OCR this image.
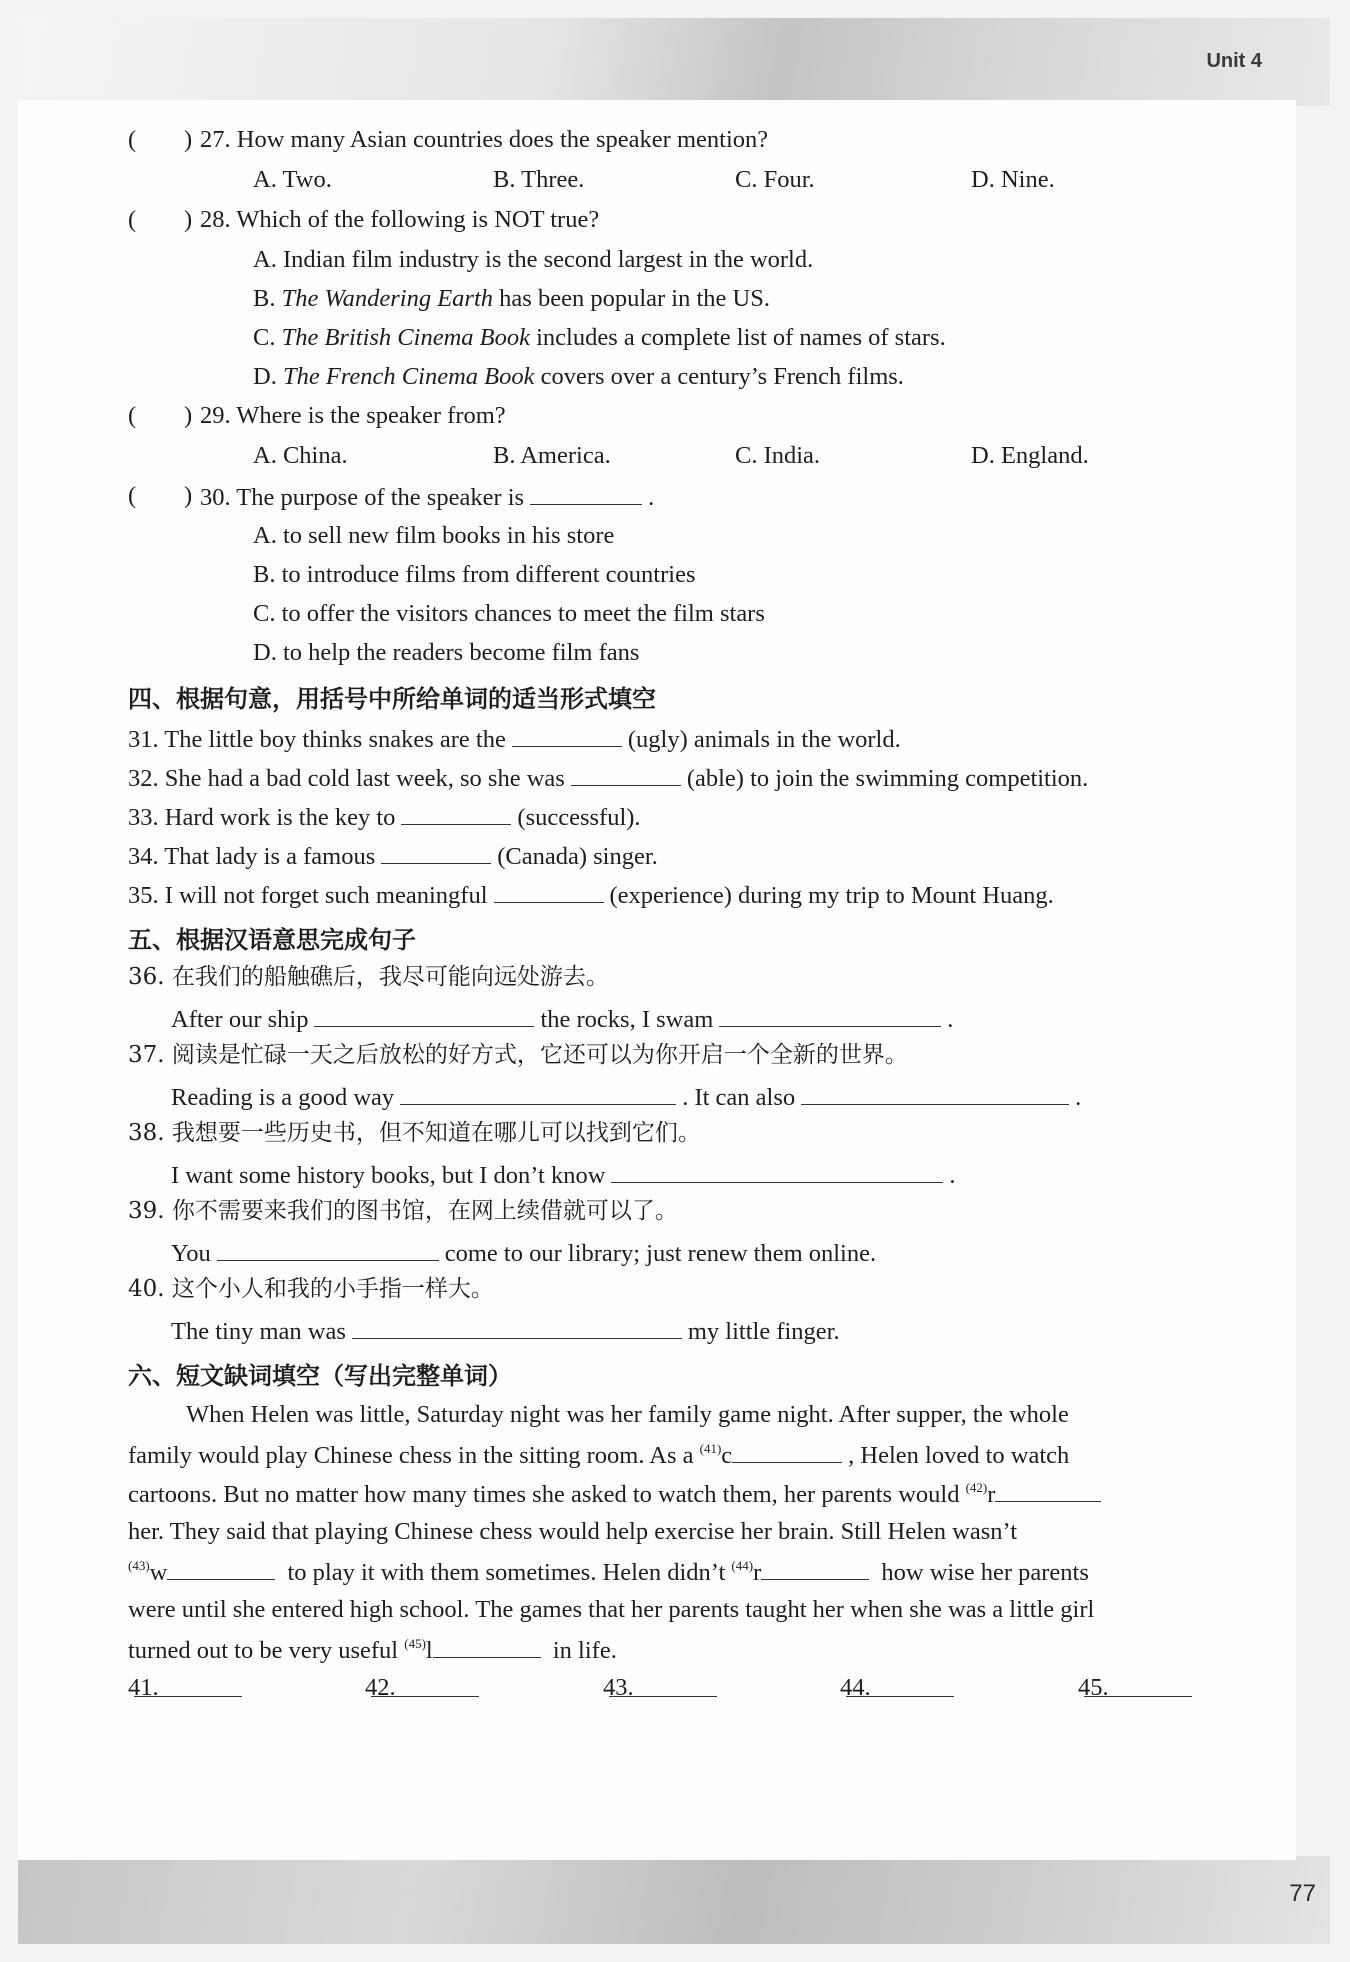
Unit 4
77
( ) 27. How many Asian countries does the speaker mention?
A. Two.	B. Three.	C. Four.	D. Nine.
( ) 28. Which of the following is NOT true?
A. Indian film industry is the second largest in the world.
B. The Wandering Earth has been popular in the US.
C. The British Cinema Book includes a complete list of names of stars.
D. The French Cinema Book covers over a century’s French films.
( ) 29. Where is the speaker from?
A. China.	B. America.	C. India.	D. England.
( ) 30. The purpose of the speaker is	.
A. to sell new film books in his store
B. to introduce films from different countries
C. to offer the visitors chances to meet the film stars
D. to help the readers become film fans
四、根据句意，用括号中所给单词的适当形式填空
31. The little boy thinks snakes are the	(ugly) animals in the world.
32. She had a bad cold last week, so she was	(able) to join the swimming competition.
33. Hard work is the key to	(successful).
34. That lady is a famous	(Canada) singer.
35. I will not forget such meaningful	(experience) during my trip to Mount Huang.
五、根据汉语意思完成句子
36. 在我们的船触礁后，我尽可能向远处游去。
After our ship	the rocks, I swam	.
37. 阅读是忙碌一天之后放松的好方式，它还可以为你开启一个全新的世界。
Reading is a good way	. It can also	.
38. 我想要一些历史书，但不知道在哪儿可以找到它们。
I want some history books, but I don’t know	.
39. 你不需要来我们的图书馆，在网上续借就可以了。
You	come to our library; just renew them online.
40. 这个小人和我的小手指一样大。
The tiny man was	my little finger.
六、短文缺词填空（写出完整单词）
When Helen was little, Saturday night was her family game night. After supper, the whole
family would play Chinese chess in the sitting room. As a $^{(41)}$c	, Helen loved to watch
cartoons. But no matter how many times she asked to watch them, her parents would $^{(42)}$r
her. They said that playing Chinese chess would help exercise her brain. Still Helen wasn’t
$^{(43)}$w	to play it with them sometimes. Helen didn’t $^{(44)}$r	how wise her parents
were until she entered high school. The games that her parents taught her when she was a little girl
turned out to be very useful $^{(45)}$l	in life.
41.	42.	43.	44.	45.
